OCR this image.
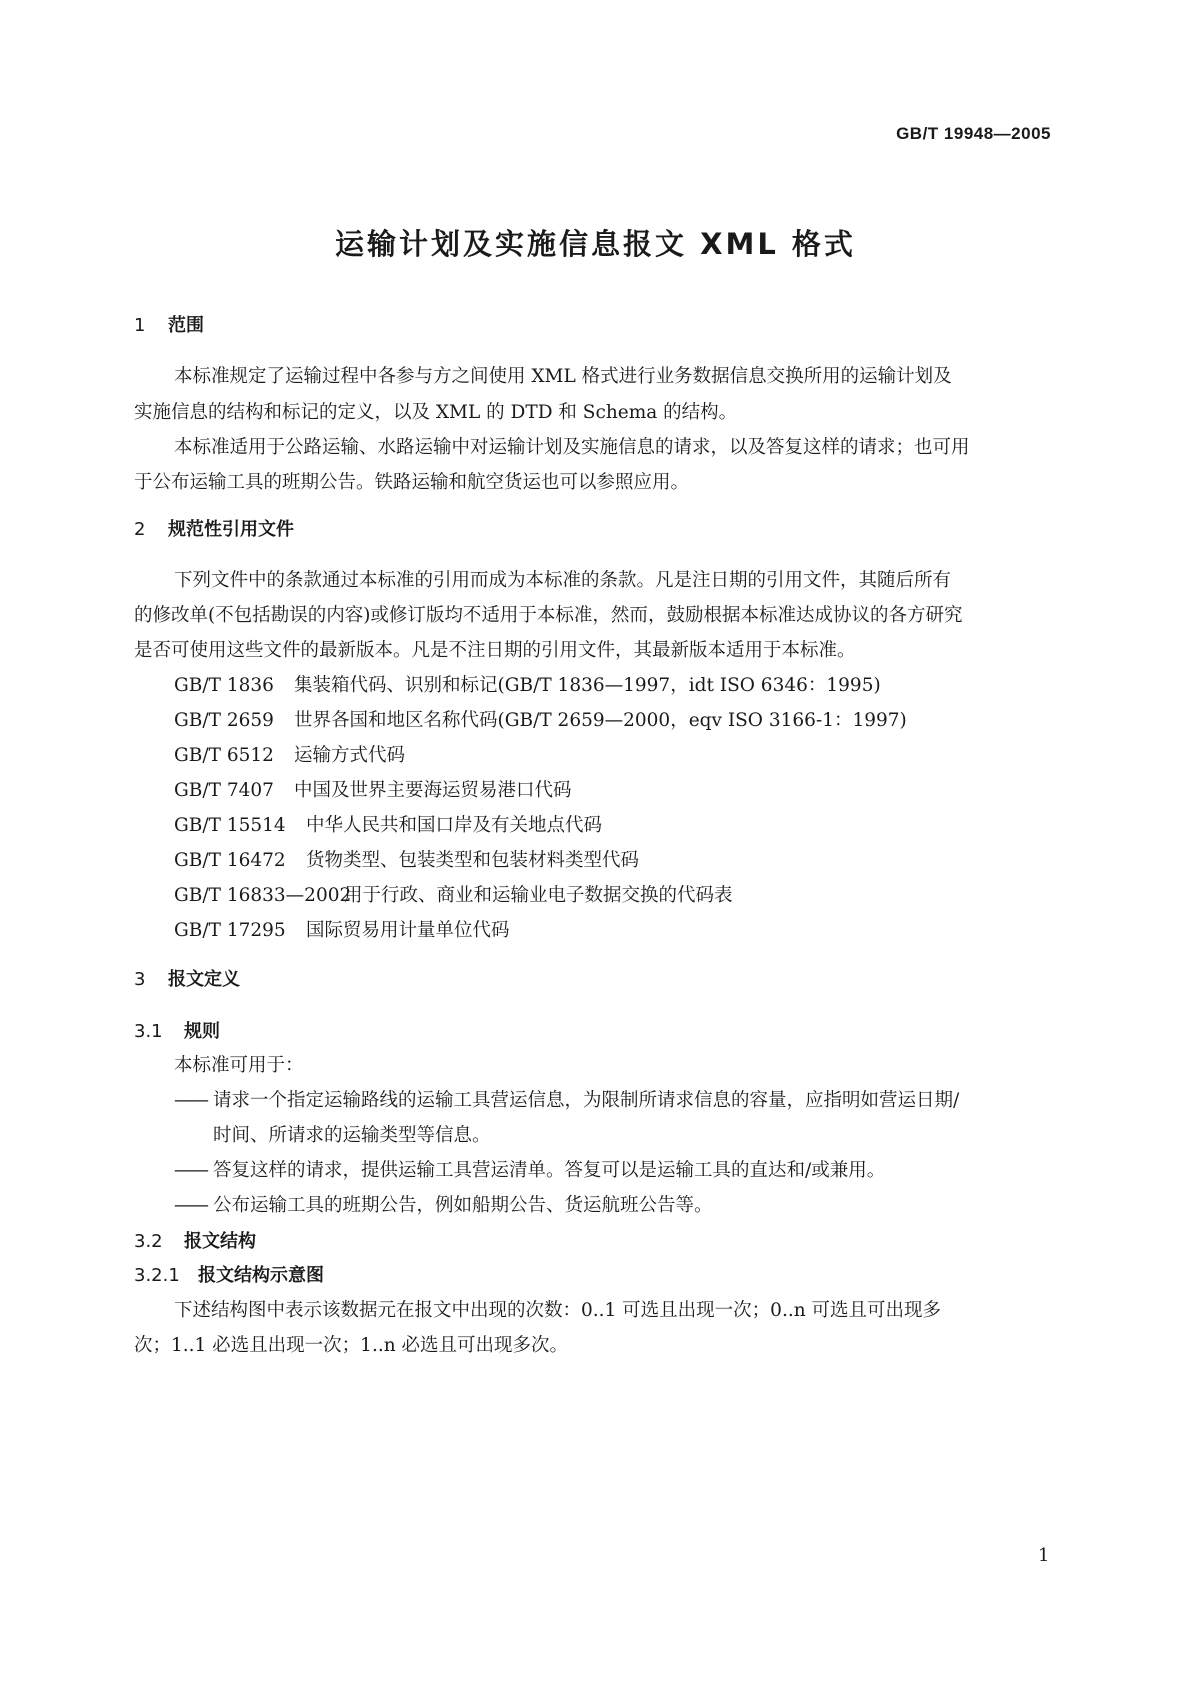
GB/T 19948—2005
运输计划及实施信息报文 XML 格式
1 范围
本标准规定了运输过程中各参与方之间使用 XML 格式进行业务数据信息交换所用的运输计划及
实施信息的结构和标记的定义，以及 XML 的 DTD 和 Schema 的结构。
本标准适用于公路运输、水路运输中对运输计划及实施信息的请求，以及答复这样的请求；也可用
于公布运输工具的班期公告。铁路运输和航空货运也可以参照应用。
2 规范性引用文件
下列文件中的条款通过本标准的引用而成为本标准的条款。凡是注日期的引用文件，其随后所有
的修改单(不包括勘误的内容)或修订版均不适用于本标准，然而，鼓励根据本标准达成协议的各方研究
是否可使用这些文件的最新版本。凡是不注日期的引用文件，其最新版本适用于本标准。
GB/T 1836 集装箱代码、识别和标记(GB/T 1836—1997，idt ISO 6346：1995)
GB/T 2659 世界各国和地区名称代码(GB/T 2659—2000，eqv ISO 3166-1：1997)
GB/T 6512 运输方式代码
GB/T 7407 中国及世界主要海运贸易港口代码
GB/T 15514 中华人民共和国口岸及有关地点代码
GB/T 16472 货物类型、包装类型和包装材料类型代码
GB/T 16833—2002用于行政、商业和运输业电子数据交换的代码表
GB/T 17295 国际贸易用计量单位代码
3 报文定义
3.1 规则
本标准可用于：
—— 请求一个指定运输路线的运输工具营运信息，为限制所请求信息的容量，应指明如营运日期/
时间、所请求的运输类型等信息。
—— 答复这样的请求，提供运输工具营运清单。答复可以是运输工具的直达和/或兼用。
—— 公布运输工具的班期公告，例如船期公告、货运航班公告等。
3.2 报文结构
3.2.1 报文结构示意图
下述结构图中表示该数据元在报文中出现的次数：0..1 可选且出现一次；0..n 可选且可出现多
次；1..1 必选且出现一次；1..n 必选且可出现多次。
1
